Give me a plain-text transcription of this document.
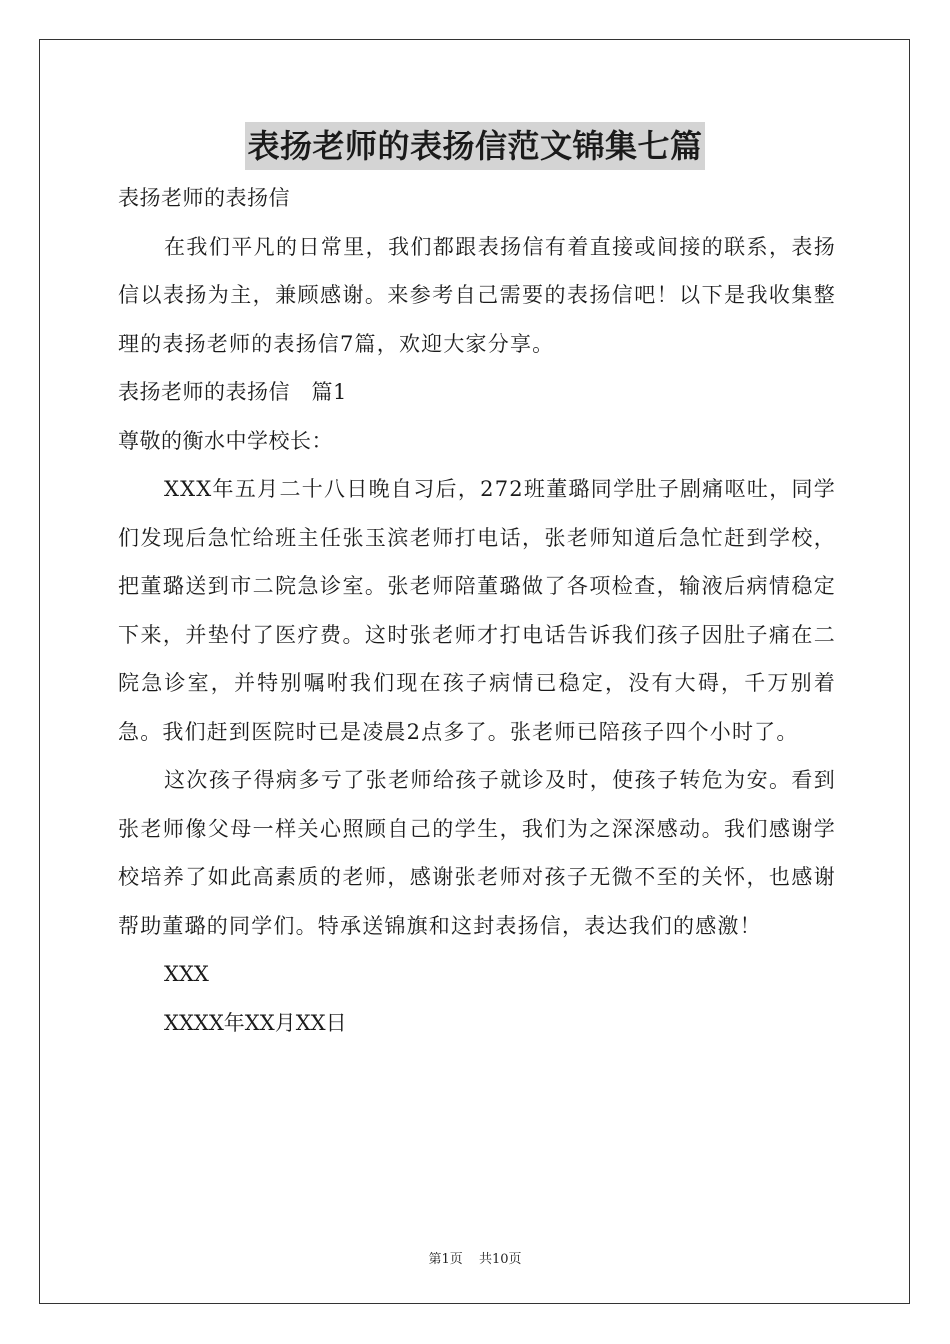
表扬老师的表扬信范文锦集七篇

表扬老师的表扬信

在我们平凡的日常里，我们都跟表扬信有着直接或间接的联系，表扬信以表扬为主，兼顾感谢。来参考自己需要的表扬信吧！以下是我收集整理的表扬老师的表扬信7篇，欢迎大家分享。

表扬老师的表扬信　篇1

尊敬的衡水中学校长：

XXX年五月二十八日晚自习后，272班董璐同学肚子剧痛呕吐，同学们发现后急忙给班主任张玉滨老师打电话，张老师知道后急忙赶到学校，把董璐送到市二院急诊室。张老师陪董璐做了各项检查，输液后病情稳定下来，并垫付了医疗费。这时张老师才打电话告诉我们孩子因肚子痛在二院急诊室，并特别嘱咐我们现在孩子病情已稳定，没有大碍，千万别着急。我们赶到医院时已是凌晨2点多了。张老师已陪孩子四个小时了。

这次孩子得病多亏了张老师给孩子就诊及时，使孩子转危为安。看到张老师像父母一样关心照顾自己的学生，我们为之深深感动。我们感谢学校培养了如此高素质的老师，感谢张老师对孩子无微不至的关怀，也感谢帮助董璐的同学们。特承送锦旗和这封表扬信，表达我们的感激！

XXX

XXXX年XX月XX日

第1页 共10页
